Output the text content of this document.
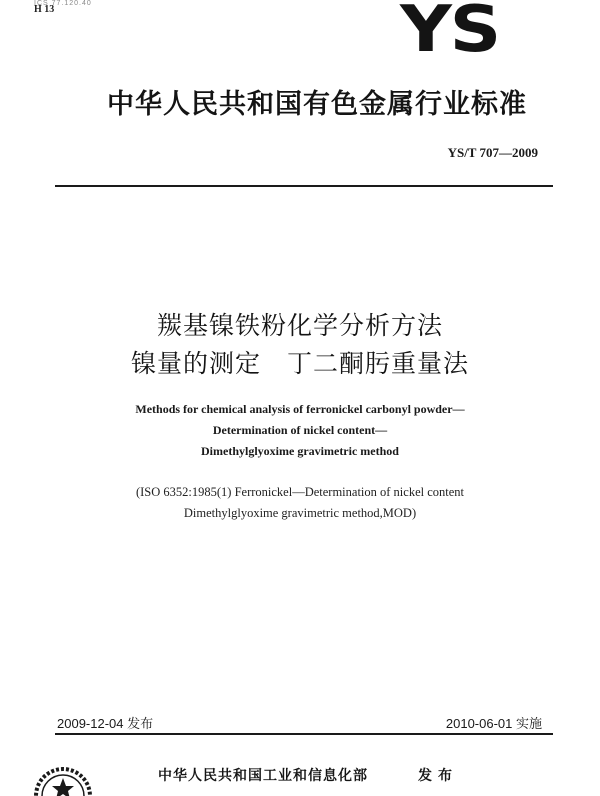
ICS 77.120.40
H 13	YS
中华人民共和国有色金属行业标准
YS/T 707—2009
羰基镍铁粉化学分析方法
镍量的测定　丁二酮肟重量法
Methods for chemical analysis of ferronickel carbonyl powder—
Determination of nickel content—
Dimethylglyoxime gravimetric method
(ISO 6352:1985(1) Ferronickel—Determination of nickel content
Dimethylglyoxime gravimetric method,MOD)
2009-12-04 发布	2010-06-01 实施
中华人民共和国工业和信息化部	发布
